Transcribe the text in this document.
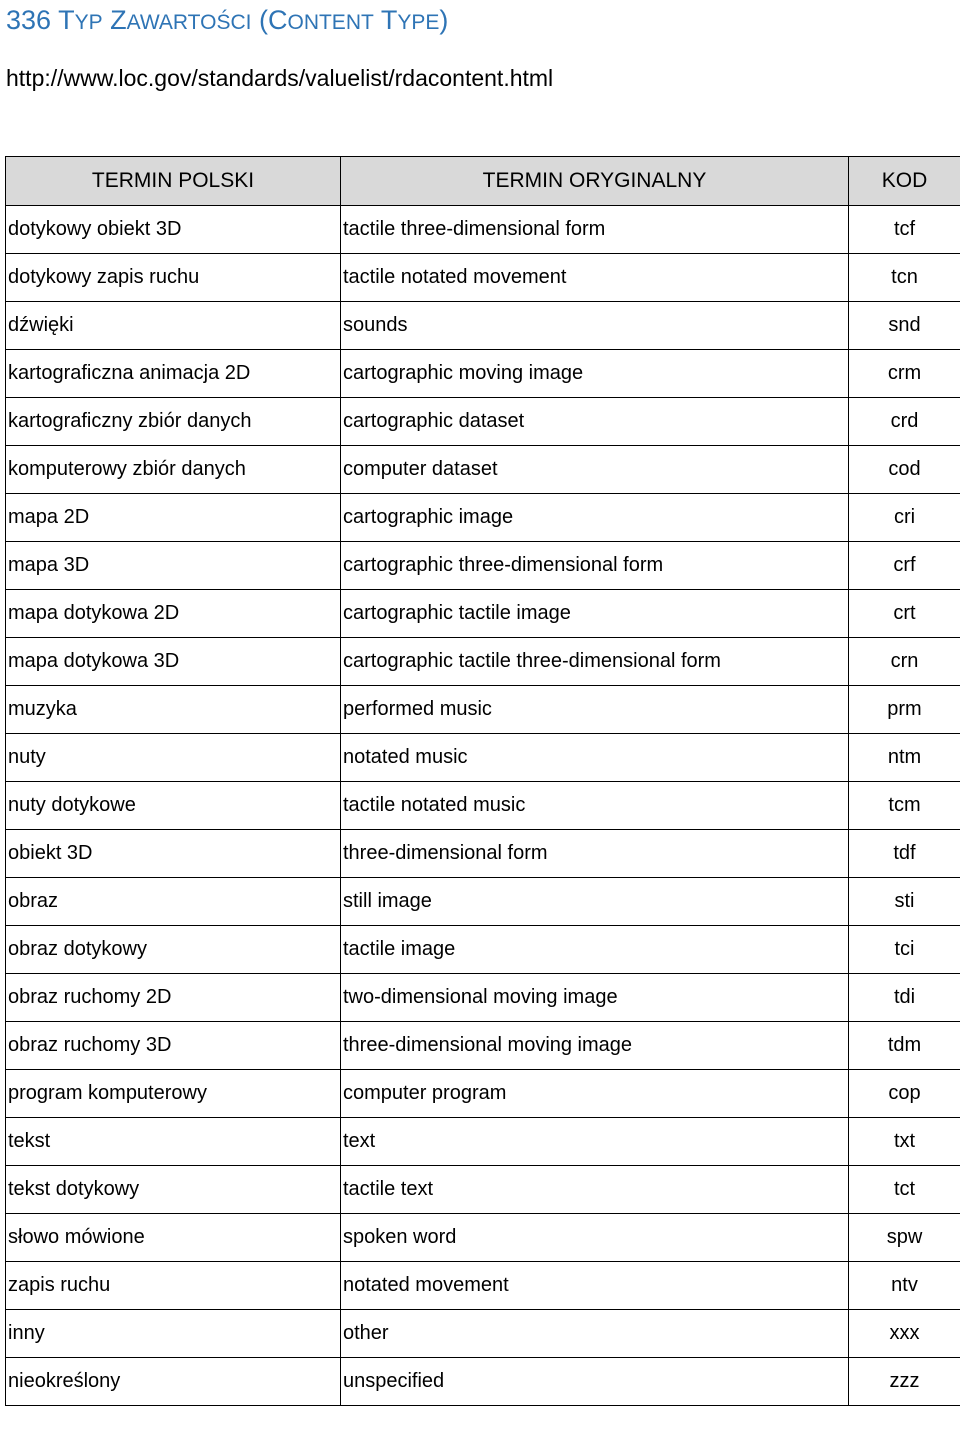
336 TYP ZAWARTOŚCI (CONTENT TYPE)
http://www.loc.gov/standards/valuelist/rdacontent.html
TERMIN POLSKI	TERMIN ORYGINALNY	KOD
dotykowy obiekt 3D	tactile three-dimensional form	tcf
dotykowy zapis ruchu	tactile notated movement	tcn
dźwięki	sounds	snd
kartograficzna animacja 2D	cartographic moving image	crm
kartograficzny zbiór danych	cartographic dataset	crd
komputerowy zbiór danych	computer dataset	cod
mapa 2D	cartographic image	cri
mapa 3D	cartographic three-dimensional form	crf
mapa dotykowa 2D	cartographic tactile image	crt
mapa dotykowa 3D	cartographic tactile three-dimensional form	crn
muzyka	performed music	prm
nuty	notated music	ntm
nuty dotykowe	tactile notated music	tcm
obiekt 3D	three-dimensional form	tdf
obraz	still image	sti
obraz dotykowy	tactile image	tci
obraz ruchomy 2D	two-dimensional moving image	tdi
obraz ruchomy 3D	three-dimensional moving image	tdm
program komputerowy	computer program	cop
tekst	text	txt
tekst dotykowy	tactile text	tct
słowo mówione	spoken word	spw
zapis ruchu	notated movement	ntv
inny	other	xxx
nieokreślony	unspecified	zzz
